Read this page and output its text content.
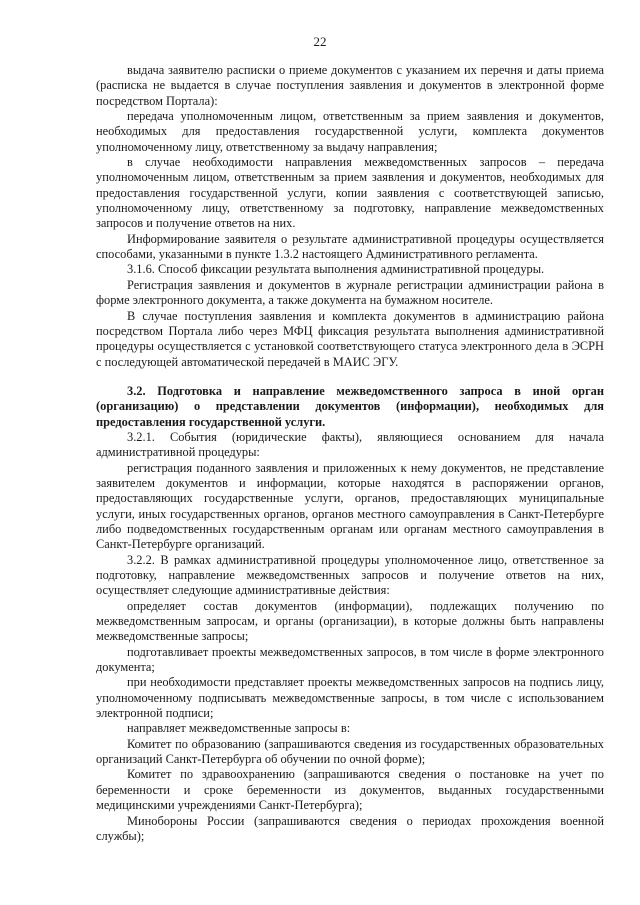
22

выдача заявителю расписки о приеме документов с указанием их перечня и даты приема (расписка не выдается в случае поступления заявления и документов в электронной форме посредством Портала):

передача уполномоченным лицом, ответственным за прием заявления и документов, необходимых для предоставления государственной услуги, комплекта документов уполномоченному лицу, ответственному за выдачу направления;

в случае необходимости направления межведомственных запросов – передача уполномоченным лицом, ответственным за прием заявления и документов, необходимых для предоставления государственной услуги, копии заявления с соответствующей записью, уполномоченному лицу, ответственному за подготовку, направление межведомственных запросов и получение ответов на них.

Информирование заявителя о результате административной процедуры осуществляется способами, указанными в пункте 1.3.2 настоящего Административного регламента.

3.1.6. Способ фиксации результата выполнения административной процедуры.

Регистрация заявления и документов в журнале регистрации администрации района в форме электронного документа, а также документа на бумажном носителе.

В случае поступления заявления и комплекта документов в администрацию района посредством Портала либо через МФЦ фиксация результата выполнения административной процедуры осуществляется с установкой соответствующего статуса электронного дела в ЭСРН с последующей автоматической передачей в МАИС ЭГУ.

3.2. Подготовка и направление межведомственного запроса в иной орган (организацию) о представлении документов (информации), необходимых для предоставления государственной услуги.

3.2.1. События (юридические факты), являющиеся основанием для начала административной процедуры:

регистрация поданного заявления и приложенных к нему документов, не представление заявителем документов и информации, которые находятся в распоряжении органов, предоставляющих государственные услуги, органов, предоставляющих муниципальные услуги, иных государственных органов, органов местного самоуправления в Санкт-Петербурге либо подведомственных государственным органам или органам местного самоуправления в Санкт-Петербурге организаций.

3.2.2. В рамках административной процедуры уполномоченное лицо, ответственное за подготовку, направление межведомственных запросов и получение ответов на них, осуществляет следующие административные действия:

определяет состав документов (информации), подлежащих получению по межведомственным запросам, и органы (организации), в которые должны быть направлены межведомственные запросы;

подготавливает проекты межведомственных запросов, в том числе в форме электронного документа;

при необходимости представляет проекты межведомственных запросов на подпись лицу, уполномоченному подписывать межведомственные запросы, в том числе с использованием электронной подписи;

направляет межведомственные запросы в:

Комитет по образованию (запрашиваются сведения из государственных образовательных организаций Санкт-Петербурга об обучении по очной форме);

Комитет по здравоохранению (запрашиваются сведения о постановке на учет по беременности и сроке беременности из документов, выданных государственными медицинскими учреждениями Санкт-Петербурга);

Минобороны России (запрашиваются сведения о периодах прохождения военной службы);
